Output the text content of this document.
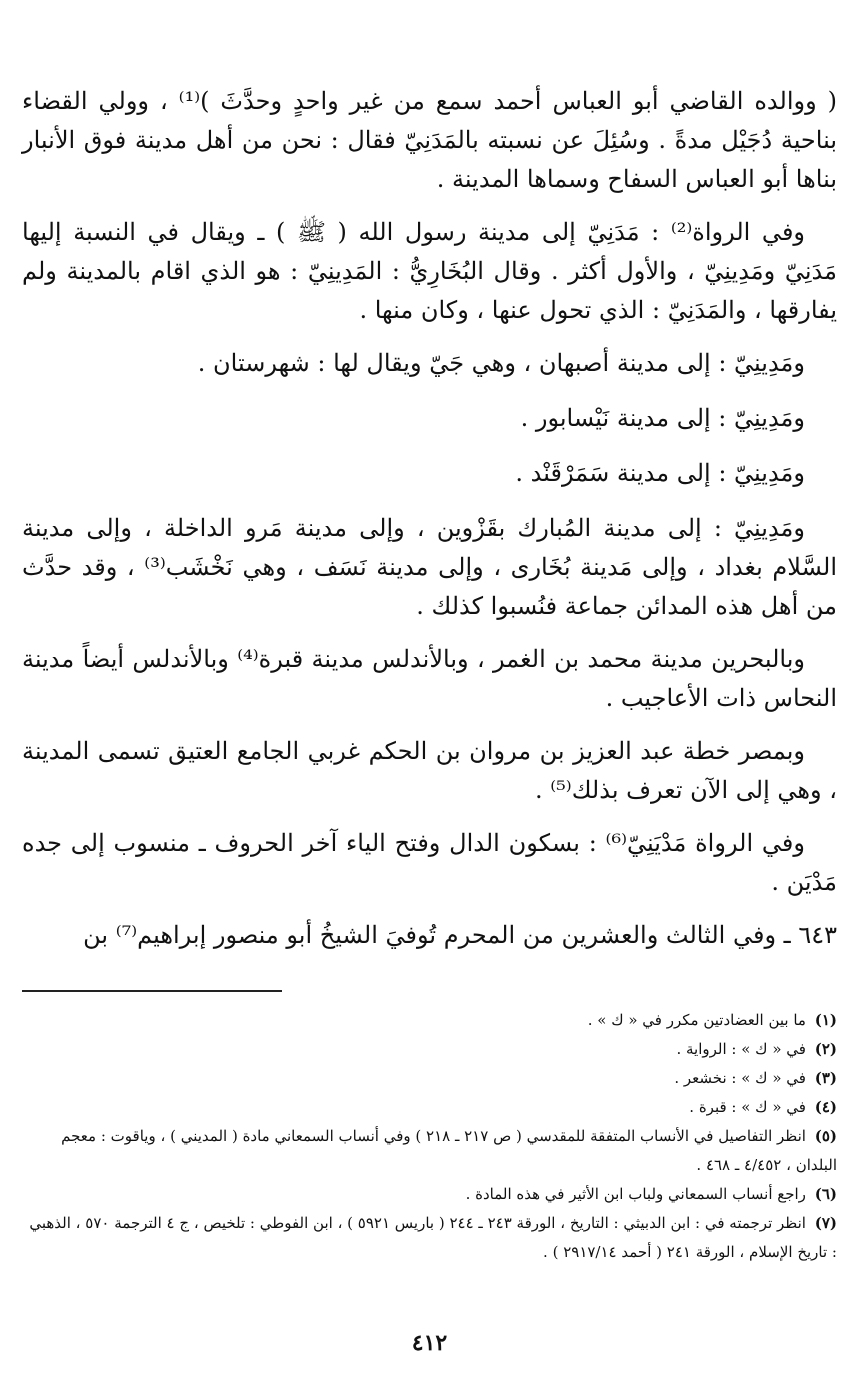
( ووالده القاضي أبو العباس أحمد سمع من غير واحدٍ وحدَّثَ )⁽¹⁾ ، وولي القضاء بناحية دُجَيْل مدةً . وسُئِلَ عن نسبته بالمَدَنِيّ فقال : نحن من أهل مدينة فوق الأنبار بناها أبو العباس السفاح وسماها المدينة .

وفي الرواة⁽²⁾ : مَدَنِيّ إلى مدينة رسول الله ( ﷺ ) ـ ويقال في النسبة إليها مَدَنِيّ ومَدِينِيّ ، والأول أكثر . وقال البُخَارِيُّ : المَدِينِيّ : هو الذي اقام بالمدينة ولم يفارقها ، والمَدَنِيّ : الذي تحول عنها ، وكان منها .

ومَدِينِيّ : إلى مدينة أصبهان ، وهي جَيّ ويقال لها : شهرستان .

ومَدِينِيّ : إلى مدينة نَيْسابور .

ومَدِينِيّ : إلى مدينة سَمَرْقَنْد .

ومَدِينِيّ : إلى مدينة المُبارك بقَزْوين ، وإلى مدينة مَرو الداخلة ، وإلى مدينة السَّلام بغداد ، وإلى مَدينة بُخَارى ، وإلى مدينة نَسَف ، وهي نَخْشَب⁽³⁾ ، وقد حدَّث من أهل هذه المدائن جماعة فنُسبوا كذلك .

وبالبحرين مدينة محمد بن الغمر ، وبالأندلس مدينة قبرة⁽⁴⁾ وبالأندلس أيضاً مدينة النحاس ذات الأعاجيب .

وبمصر خطة عبد العزيز بن مروان بن الحكم غربي الجامع العتيق تسمى المدينة ، وهي إلى الآن تعرف بذلك⁽⁵⁾ .

وفي الرواة مَدْيَنِيّ⁽⁶⁾ : بسكون الدال وفتح الياء آخر الحروف ـ منسوب إلى جده مَدْيَن .

٦٤٣ ـ وفي الثالث والعشرين من المحرم تُوفيَ الشيخُ أبو منصور إبراهيم⁽⁷⁾ بن

(١) ما بين العضادتين مكرر في « ك » .
(٢) في « ك » : الرواية .
(٣) في « ك » : نخشعر .
(٤) في « ك » : قبرة .
(٥) انظر التفاصيل في الأنساب المتفقة للمقدسي ( ص ٢١٧ ـ ٢١٨ ) وفي أنساب السمعاني مادة ( المديني ) ، وياقوت : معجم البلدان ، ٤/٤٥٢ ـ ٤٦٨ .
(٦) راجع أنساب السمعاني ولباب ابن الأثير في هذه المادة .
(٧) انظر ترجمته في : ابن الدبيثي : التاريخ ، الورقة ٢٤٣ ـ ٢٤٤ ( باريس ٥٩٢١ ) ، ابن الفوطي : تلخيص ، ج ٤ الترجمة ٥٧٠ ، الذهبي : تاريخ الإسلام ، الورقة ٢٤١ ( أحمد ٢٩١٧/١٤ ) .
٤١٢
